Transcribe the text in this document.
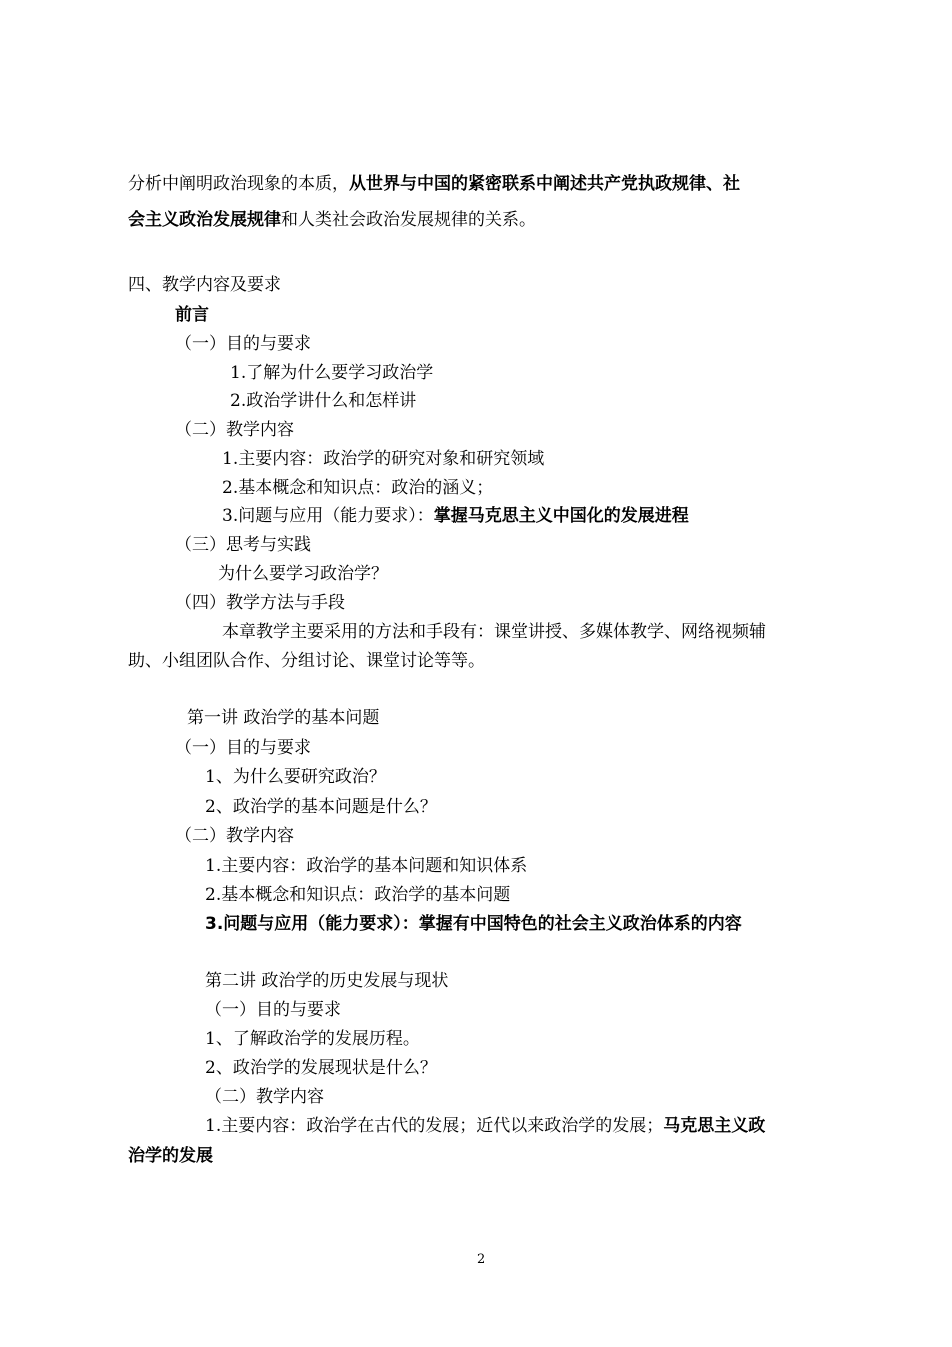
分析中阐明政治现象的本质，从世界与中国的紧密联系中阐述共产党执政规律、社
会主义政治发展规律和人类社会政治发展规律的关系。
四、教学内容及要求
前言
（一）目的与要求
1.了解为什么要学习政治学
2.政治学讲什么和怎样讲
（二）教学内容
1.主要内容：政治学的研究对象和研究领域
2.基本概念和知识点：政治的涵义；
3.问题与应用（能力要求）：掌握马克思主义中国化的发展进程
（三）思考与实践
为什么要学习政治学？
（四）教学方法与手段
本章教学主要采用的方法和手段有：课堂讲授、多媒体教学、网络视频辅
助、小组团队合作、分组讨论、课堂讨论等等。
第一讲 政治学的基本问题
（一）目的与要求
1、为什么要研究政治？
2、政治学的基本问题是什么？
（二）教学内容
1.主要内容：政治学的基本问题和知识体系
2.基本概念和知识点：政治学的基本问题
3.问题与应用（能力要求）：掌握有中国特色的社会主义政治体系的内容
第二讲 政治学的历史发展与现状
（一）目的与要求
1、了解政治学的发展历程。
2、政治学的发展现状是什么？
（二）教学内容
1.主要内容：政治学在古代的发展；近代以来政治学的发展；马克思主义政
治学的发展
2
